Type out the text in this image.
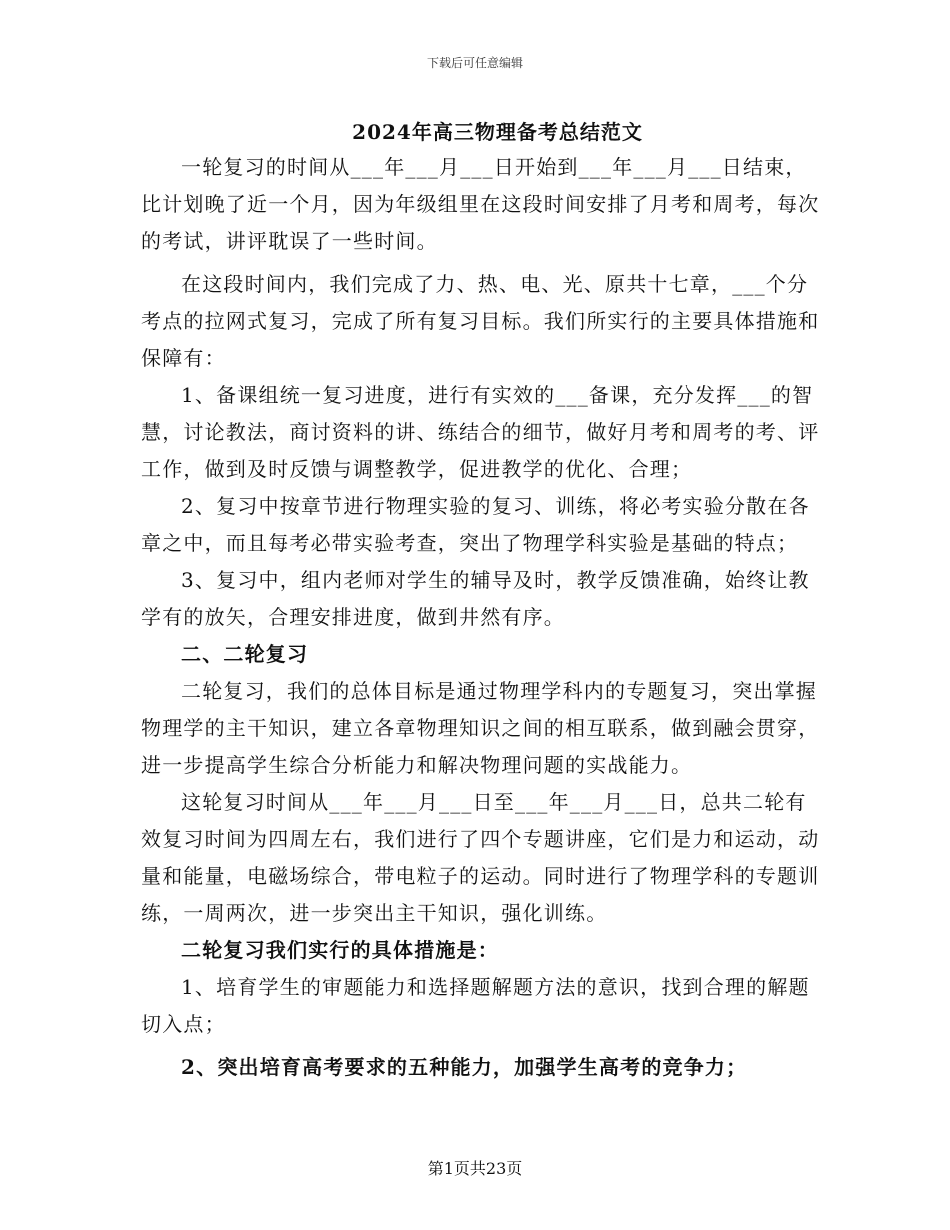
下载后可任意编辑
2024年高三物理备考总结范文

一轮复习的时间从___年___月___日开始到___年___月___日结束，比计划晚了近一个月，因为年级组里在这段时间安排了月考和周考，每次的考试，讲评耽误了一些时间。

在这段时间内，我们完成了力、热、电、光、原共十七章，___个分考点的拉网式复习，完成了所有复习目标。我们所实行的主要具体措施和保障有：

1、备课组统一复习进度，进行有实效的___备课，充分发挥___的智慧，讨论教法，商讨资料的讲、练结合的细节，做好月考和周考的考、评工作，做到及时反馈与调整教学，促进教学的优化、合理；

2、复习中按章节进行物理实验的复习、训练，将必考实验分散在各章之中，而且每考必带实验考查，突出了物理学科实验是基础的特点；

3、复习中，组内老师对学生的辅导及时，教学反馈准确，始终让教学有的放矢，合理安排进度，做到井然有序。

二、二轮复习

二轮复习，我们的总体目标是通过物理学科内的专题复习，突出掌握物理学的主干知识，建立各章物理知识之间的相互联系，做到融会贯穿，进一步提高学生综合分析能力和解决物理问题的实战能力。

这轮复习时间从___年___月___日至___年___月___日，总共二轮有效复习时间为四周左右，我们进行了四个专题讲座，它们是力和运动，动量和能量，电磁场综合，带电粒子的运动。同时进行了物理学科的专题训练，一周两次，进一步突出主干知识，强化训练。

二轮复习我们实行的具体措施是：

1、培育学生的审题能力和选择题解题方法的意识，找到合理的解题切入点；

2、突出培育高考要求的五种能力，加强学生高考的竞争力；

第1页共23页
